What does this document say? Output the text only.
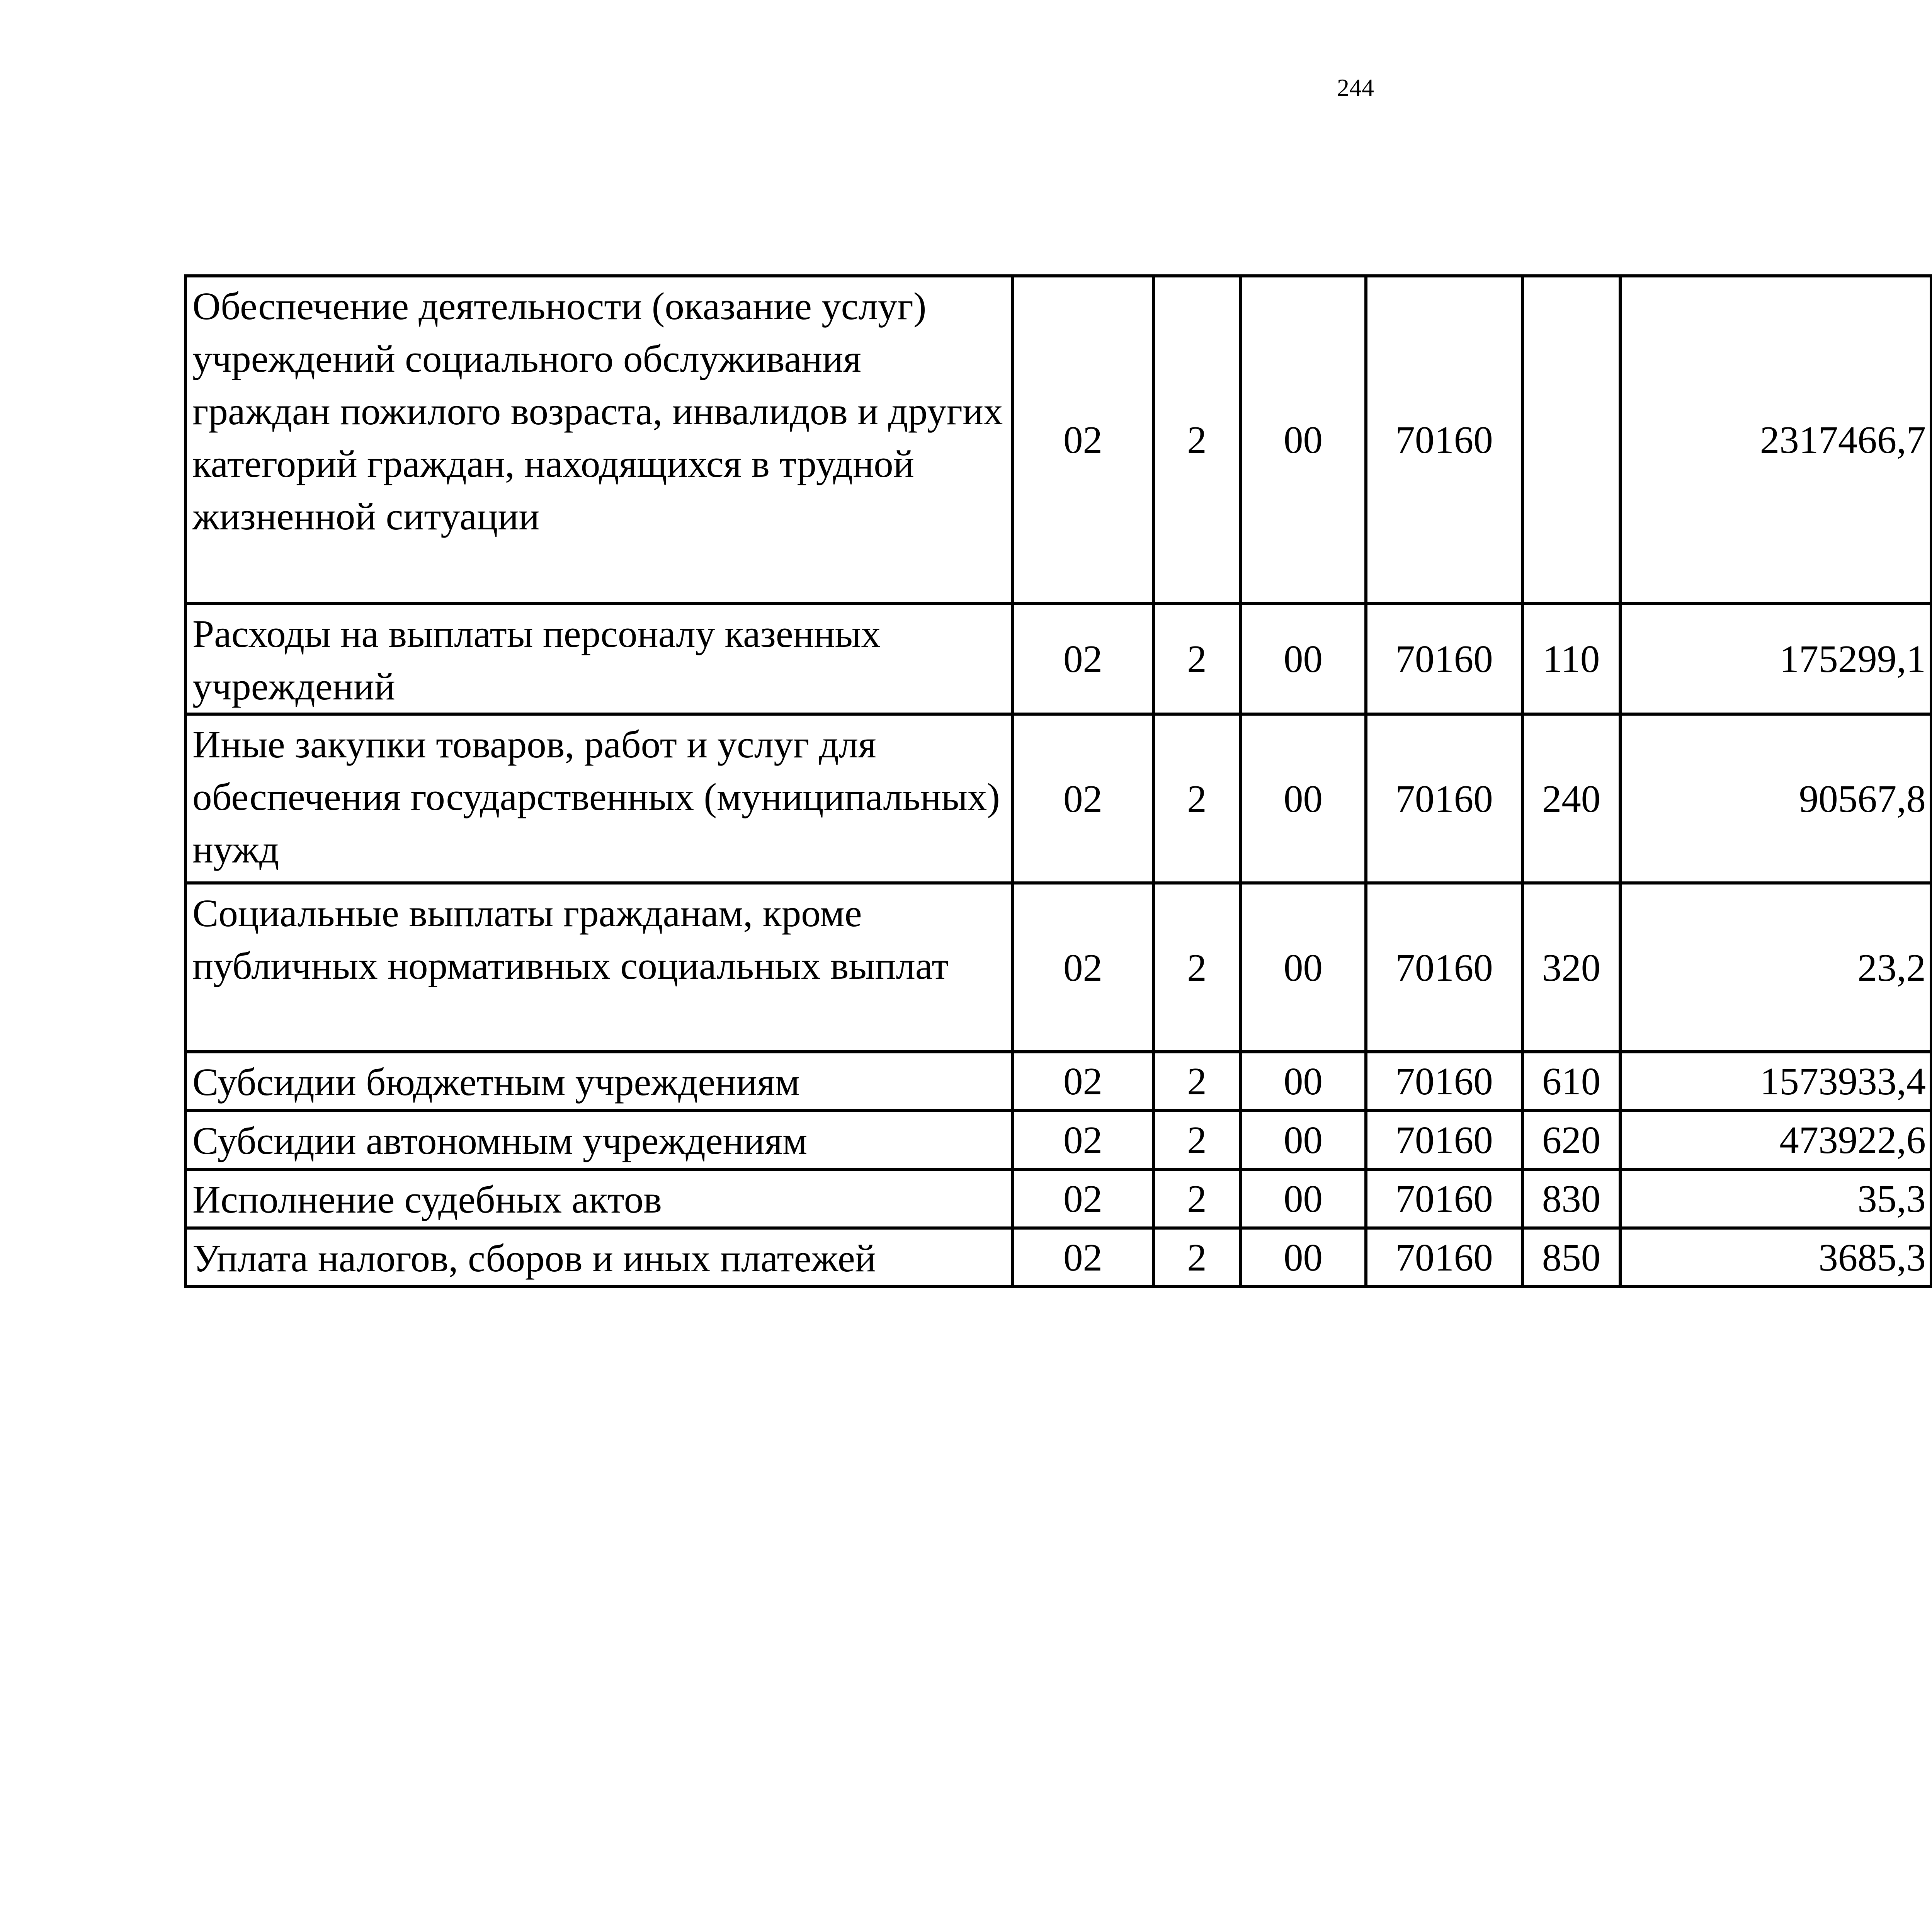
244
Обеспечение деятельности (оказание услуг) учреждений социального обслуживания граждан пожилого возраста, инвалидов и других категорий граждан, находящихся в трудной жизненной ситуации	02	2	00	70160		2317466,7		
Расходы на выплаты персоналу казенных учреждений	02	2	00	70160	110	175299,1		
Иные закупки товаров, работ и услуг для обеспечения государственных (муниципальных) нужд	02	2	00	70160	240	90567,8		
Социальные выплаты гражданам, кроме публичных нормативных социальных выплат	02	2	00	70160	320	23,2		
Субсидии бюджетным учреждениям	02	2	00	70160	610	1573933,4		
Субсидии автономным учреждениям	02	2	00	70160	620	473922,6		
Исполнение судебных актов	02	2	00	70160	830	35,3		
Уплата налогов, сборов и иных платежей	02	2	00	70160	850	3685,3		
